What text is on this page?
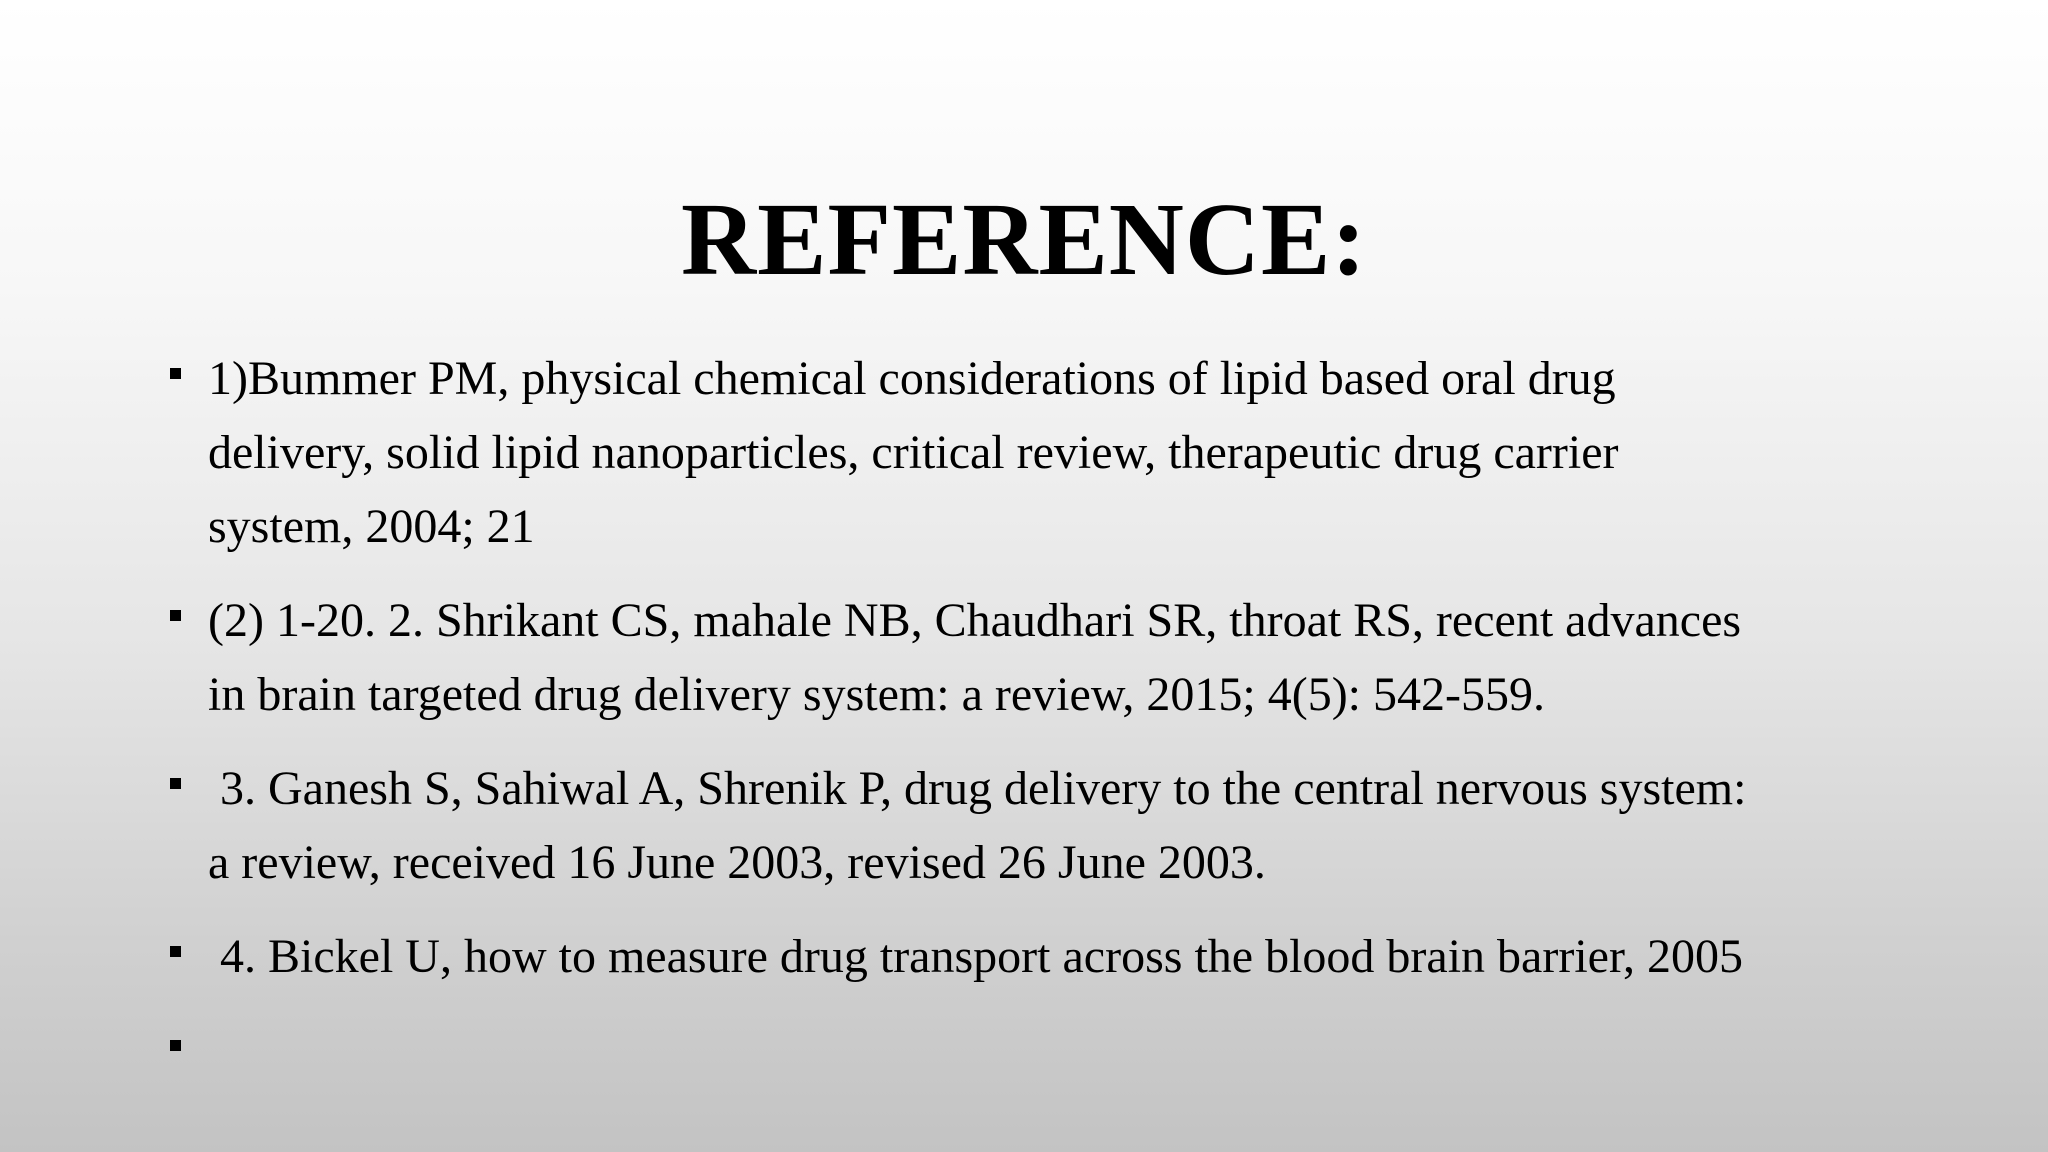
REFERENCE:
1)Bummer PM, physical chemical considerations of lipid based oral drug
delivery, solid lipid nanoparticles, critical review, therapeutic drug carrier
system, 2004; 21
(2) 1-20. 2. Shrikant CS, mahale NB, Chaudhari SR, throat RS, recent advances
in brain targeted drug delivery system: a review, 2015; 4(5): 542-559.
3. Ganesh S, Sahiwal A, Shrenik P, drug delivery to the central nervous system:
a review, received 16 June 2003, revised 26 June 2003.
4. Bickel U, how to measure drug transport across the blood brain barrier, 2005
